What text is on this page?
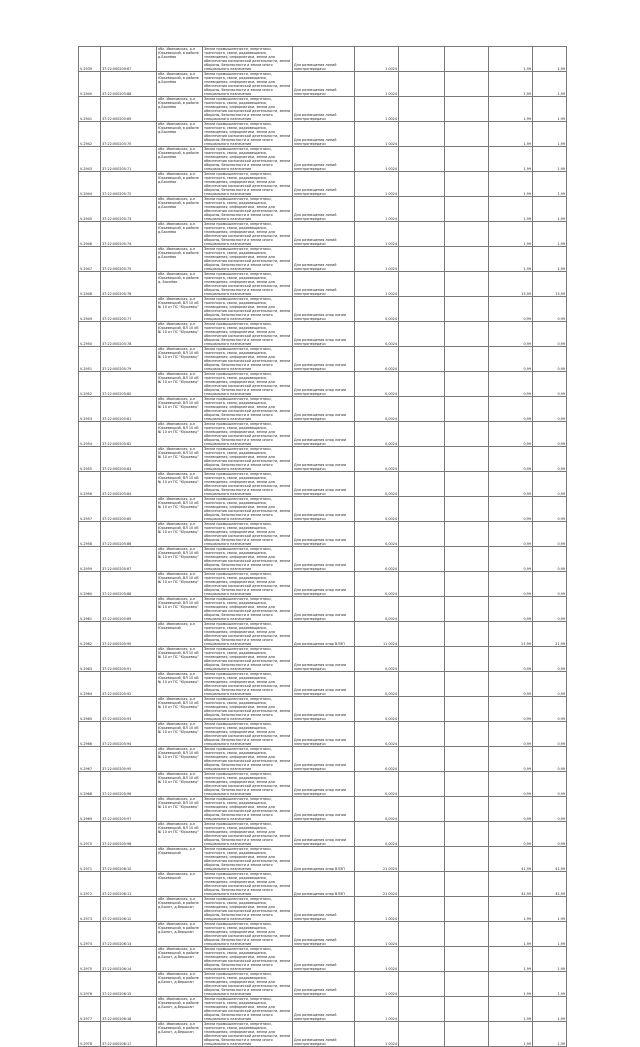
V-2939	37:22:000209:87	обл. Ивановская, р-н Юрьевецкий, в районе д.Бахнёво	Земли промышленности, энергетики, транспорта, связи, радиовещания, телевидения, информатики, земли для обеспечения космической деятельности, земли обороны, безопасности и земли иного специального назначения	Для размещения линий электропередачи	1 0024			1,99	1,99
V-2940	37:22:000205:88	обл. Ивановская, р-н Юрьевецкий, в районе д.Бахнёво	Земли промышленности, энергетики, транспорта, связи, радиовещания, телевидения, информатики, земли для обеспечения космической деятельности, земли обороны, безопасности и земли иного специального назначения	Для размещения линий электропередачи	1 0024			1,99	1,99
V-2941	37:22:000205:89	обл. Ивановская, р-н Юрьевецкий, в районе д.Бахнёво	Земли промышленности, энергетики, транспорта, связи, радиовещания, телевидения, информатики, земли для обеспечения космической деятельности, земли обороны, безопасности и земли иного специального назначения	Для размещения линий электропередачи	1 0024			1,99	1,99
V-2942	37:22:000205:70	обл. Ивановская, р-н Юрьевецкий, в районе д.Бахнёво	Земли промышленности, энергетики, транспорта, связи, радиовещания, телевидения, информатики, земли для обеспечения космической деятельности, земли обороны, безопасности и земли иного специального назначения	Для размещения линий электропередачи	1 0024			1,99	1,99
V-2943	37:22:000205:71	обл. Ивановская, р-н Юрьевецкий, в районе д.Бахнёво	Земли промышленности, энергетики, транспорта, связи, радиовещания, телевидения, информатики, земли для обеспечения космической деятельности, земли обороны, безопасности и земли иного специального назначения	Для размещения линий электропередачи	1 0024			1,99	1,99
V-2944	37:22:000205:72	обл. Ивановская, р-н Юрьевецкий, в районе д.Бахнёво	Земли промышленности, энергетики, транспорта, связи, радиовещания, телевидения, информатики, земли для обеспечения космической деятельности, земли обороны, безопасности и земли иного специального назначения	Для размещения линий электропередачи	1 0024			1,99	1,99
V-2945	37:22:000205:73	обл. Ивановская, р-н Юрьевецкий, в районе д.Бахнёво	Земли промышленности, энергетики, транспорта, связи, радиовещания, телевидения, информатики, земли для обеспечения космической деятельности, земли обороны, безопасности и земли иного специального назначения	Для размещения линий электропередачи	1 0024			1,99	1,99
V-2946	37:22:000205:74	обл. Ивановская, р-н Юрьевецкий, в районе д.Бахнёво	Земли промышленности, энергетики, транспорта, связи, радиовещания, телевидения, информатики, земли для обеспечения космической деятельности, земли обороны, безопасности и земли иного специального назначения	Для размещения линий электропередачи	1 0024			1,99	1,99
V-2947	37:22:000205:75	обл. Ивановская, р-н Юрьевецкий, в районе д.Бахнёво	Земли промышленности, энергетики, транспорта, связи, радиовещания, телевидения, информатики, земли для обеспечения космической деятельности, земли обороны, безопасности и земли иного специального назначения	Для размещения линий электропередачи	1 0024			1,99	1,99
V-2948	37:22:000205:76	обл. Ивановская, р-н Юрьевецкий, в районе д. Бахнёво	Земли промышленности, энергетики, транспорта, связи, радиовещания, телевидения, информатики, земли для обеспечения космической деятельности, земли обороны, безопасности и земли иного специального назначения	Для размещения линий электропередачи	1 0024			15,99	15,99
V-2949	37:22:000205:77	обл. Ивановская, р-н Юрьевецкий, ВЛ 10 кВ № 10 от ПС "Юрьевец"	Земли промышленности, энергетики, транспорта, связи, радиовещания, телевидения, информатики, земли для обеспечения космической деятельности, земли обороны, безопасности и земли иного специального назначения	Для размещения опор линии электропередачи	0,0024			0,99	0,99
V-2950	37:22:000205:78	обл. Ивановская, р-н Юрьевецкий, ВЛ 10 кВ № 10 от ПС "Юрьевец"	Земли промышленности, энергетики, транспорта, связи, радиовещания, телевидения, информатики, земли для обеспечения космической деятельности, земли обороны, безопасности и земли иного специального назначения	Для размещения опор линии электропередачи	0,0024			0,99	0,99
V-2951	37:22:000205:79	обл. Ивановская, р-н Юрьевецкий, ВЛ 10 кВ № 10 от ПС "Юрьевец"	Земли промышленности, энергетики, транспорта, связи, радиовещания, телевидения, информатики, земли для обеспечения космической деятельности, земли обороны, безопасности и земли иного специального назначения	Для размещения опор линии электропередачи	0,0024			0,99	0,99
V-2952	37:22:000205:80	обл. Ивановская, р-н Юрьевецкий, ВЛ 10 кВ № 10 от ПС "Юрьевец"	Земли промышленности, энергетики, транспорта, связи, радиовещания, телевидения, информатики, земли для обеспечения космической деятельности, земли обороны, безопасности и земли иного специального назначения	Для размещения опор линии электропередачи	0,0024			0,99	0,99
V-2953	37:22:000205:81	обл. Ивановская, р-н Юрьевецкий, ВЛ 10 кВ № 10 от ПС "Юрьевец"	Земли промышленности, энергетики, транспорта, связи, радиовещания, телевидения, информатики, земли для обеспечения космической деятельности, земли обороны, безопасности и земли иного специального назначения	Для размещения опор линии электропередачи	0,0024			0,99	0,99
V-2954	37:22:000205:82	обл. Ивановская, р-н Юрьевецкий, ВЛ 10 кВ № 10 от ПС "Юрьевец"	Земли промышленности, энергетики, транспорта, связи, радиовещания, телевидения, информатики, земли для обеспечения космической деятельности, земли обороны, безопасности и земли иного специального назначения	Для размещения опор линии электропередачи	0,0024			0,99	0,99
V-2955	37:22:000205:83	обл. Ивановская, р-н Юрьевецкий, ВЛ 10 кВ № 10 от ПС "Юрьевец"	Земли промышленности, энергетики, транспорта, связи, радиовещания, телевидения, информатики, земли для обеспечения космической деятельности, земли обороны, безопасности и земли иного специального назначения	Для размещения опор линии электропередачи	0,0024			0,99	0,99
V-2956	37:22:000205:84	обл. Ивановская, р-н Юрьевецкий, ВЛ 10 кВ № 10 от ПС "Юрьевец"	Земли промышленности, энергетики, транспорта, связи, радиовещания, телевидения, информатики, земли для обеспечения космической деятельности, земли обороны, безопасности и земли иного специального назначения	Для размещения опор линии электропередачи	0,0024			0,99	0,99
V-2957	37:22:000205:85	обл. Ивановская, р-н Юрьевецкий, ВЛ 10 кВ № 10 от ПС "Юрьевец"	Земли промышленности, энергетики, транспорта, связи, радиовещания, телевидения, информатики, земли для обеспечения космической деятельности, земли обороны, безопасности и земли иного специального назначения	Для размещения опор линии электропередачи	0,0024			0,99	0,99
V-2958	37:22:000205:86	обл. Ивановская, р-н Юрьевецкий, ВЛ 10 кВ № 10 от ПС "Юрьевец"	Земли промышленности, энергетики, транспорта, связи, радиовещания, телевидения, информатики, земли для обеспечения космической деятельности, земли обороны, безопасности и земли иного специального назначения	Для размещения опор линии электропередачи	0,0024			0,99	0,99
V-2959	37:22:000205:87	обл. Ивановская, р-н Юрьевецкий, ВЛ 10 кВ № 10 от ПС "Юрьевец"	Земли промышленности, энергетики, транспорта, связи, радиовещания, телевидения, информатики, земли для обеспечения космической деятельности, земли обороны, безопасности и земли иного специального назначения	Для размещения опор линии электропередачи	0,0024			0,99	0,99
V-2960	37:22:000205:88	обл. Ивановская, р-н Юрьевецкий, ВЛ 10 кВ № 10 от ПС "Юрьевец"	Земли промышленности, энергетики, транспорта, связи, радиовещания, телевидения, информатики, земли для обеспечения космической деятельности, земли обороны, безопасности и земли иного специального назначения	Для размещения опор линии электропередачи	0,0024			0,99	0,99
V-2961	37:22:000205:89	обл. Ивановская, р-н Юрьевецкий, ВЛ 10 кВ № 10 от ПС "Юрьевец"	Земли промышленности, энергетики, транспорта, связи, радиовещания, телевидения, информатики, земли для обеспечения космической деятельности, земли обороны, безопасности и земли иного специального назначения	Для размещения опор линии электропередачи	0,0024			0,99	0,99
V-2962	37:22:000205:90	обл. Ивановская, р-н Юрьевецкий	Земли промышленности, энергетики, транспорта, связи, радиовещания, телевидения, информатики, земли для обеспечения космической деятельности, земли обороны, безопасности и земли иного специального назначения	Для размещения опор ВЛЭП	11 0024			21,99	21,99
V-2963	37:22:000205:91	обл. Ивановская, р-н Юрьевецкий, ВЛ 10 кВ № 10 от ПС "Юрьевец"	Земли промышленности, энергетики, транспорта, связи, радиовещания, телевидения, информатики, земли для обеспечения космической деятельности, земли обороны, безопасности и земли иного специального назначения	Для размещения опор линии электропередачи	0,0024			0,99	0,99
V-2964	37:22:000205:92	обл. Ивановская, р-н Юрьевецкий, ВЛ 10 кВ № 10 от ПС "Юрьевец"	Земли промышленности, энергетики, транспорта, связи, радиовещания, телевидения, информатики, земли для обеспечения космической деятельности, земли обороны, безопасности и земли иного специального назначения	Для размещения опор линии электропередачи	0,0024			0,99	0,99
V-2965	37:22:000205:93	обл. Ивановская, р-н Юрьевецкий, ВЛ 10 кВ № 10 от ПС "Юрьевец"	Земли промышленности, энергетики, транспорта, связи, радиовещания, телевидения, информатики, земли для обеспечения космической деятельности, земли обороны, безопасности и земли иного специального назначения	Для размещения опор линии электропередачи	0,0024			0,99	0,99
V-2966	37:22:000205:94	обл. Ивановская, р-н Юрьевецкий, ВЛ 10 кВ № 10 от ПС "Юрьевец"	Земли промышленности, энергетики, транспорта, связи, радиовещания, телевидения, информатики, земли для обеспечения космической деятельности, земли обороны, безопасности и земли иного специального назначения	Для размещения опор линии электропередачи	0,0024			0,99	0,99
V-2967	37:22:000205:95	обл. Ивановская, р-н Юрьевецкий, ВЛ 10 кВ № 10 от ПС "Юрьевец"	Земли промышленности, энергетики, транспорта, связи, радиовещания, телевидения, информатики, земли для обеспечения космической деятельности, земли обороны, безопасности и земли иного специального назначения	Для размещения опор линии электропередачи	0,0024			0,99	0,99
V-2968	37:22:000205:96	обл. Ивановская, р-н Юрьевецкий, ВЛ 10 кВ № 10 от ПС "Юрьевец"	Земли промышленности, энергетики, транспорта, связи, радиовещания, телевидения, информатики, земли для обеспечения космической деятельности, земли обороны, безопасности и земли иного специального назначения	Для размещения опор линии электропередачи	0,0024			0,99	0,99
V-2969	37:22:000205:97	обл. Ивановская, р-н Юрьевецкий, ВЛ 10 кВ № 10 от ПС "Юрьевец"	Земли промышленности, энергетики, транспорта, связи, радиовещания, телевидения, информатики, земли для обеспечения космической деятельности, земли обороны, безопасности и земли иного специального назначения	Для размещения опор линии электропередачи	0,0024			0,99	0,99
V-2970	37:22:000205:98	обл. Ивановская, р-н Юрьевецкий, ВЛ 10 кВ № 10 от ПС "Юрьевец"	Земли промышленности, энергетики, транспорта, связи, радиовещания, телевидения, информатики, земли для обеспечения космической деятельности, земли обороны, безопасности и земли иного специального назначения	Для размещения опор линии электропередачи	0,0024			0,99	0,99
V-2971	37:22:000206:10	обл. Ивановская, р-н Юрьевецкий	Земли промышленности, энергетики, транспорта, связи, радиовещания, телевидения, информатики, земли для обеспечения космической деятельности, земли обороны, безопасности и земли иного специального назначения	Для размещения опор ВЛЭП	21 0024			41,99	41,99
V-2972	37:22:000206:11	обл. Ивановская, р-н Юрьевецкий	Земли промышленности, энергетики, транспорта, связи, радиовещания, телевидения, информатики, земли для обеспечения космической деятельности, земли обороны, безопасности и земли иного специального назначения	Для размещения опор ВЛЭП	21 0024			41,99	41,99
V-2973	37:22:000206:12	обл. Ивановская, р-н Юрьевецкий, в районе д.Болот, д.Вершкан	Земли промышленности, энергетики, транспорта, связи, радиовещания, телевидения, информатики, земли для обеспечения космической деятельности, земли обороны, безопасности и земли иного специального назначения	Для размещения линий электропередачи	1 0024			1,99	1,99
V-2974	37:22:000206:13	обл. Ивановская, р-н Юрьевецкий, в районе д.Болот, д.Вершкан	Земли промышленности, энергетики, транспорта, связи, радиовещания, телевидения, информатики, земли для обеспечения космической деятельности, земли обороны, безопасности и земли иного специального назначения	Для размещения линий электропередачи	1 0024			1,99	1,99
V-2975	37:22:000206:14	обл. Ивановская, р-н Юрьевецкий, в районе д.Болот, д.Вершкан	Земли промышленности, энергетики, транспорта, связи, радиовещания, телевидения, информатики, земли для обеспечения космической деятельности, земли обороны, безопасности и земли иного специального назначения	Для размещения линий электропередачи	1 0024			1,99	1,99
V-2976	37:22:000206:15	обл. Ивановская, р-н Юрьевецкий, в районе д.Болот, д.Вершкан	Земли промышленности, энергетики, транспорта, связи, радиовещания, телевидения, информатики, земли для обеспечения космической деятельности, земли обороны, безопасности и земли иного специального назначения	Для размещения линий электропередачи	1 0024			1,99	1,99
V-2977	37:22:000206:16	обл. Ивановская, р-н Юрьевецкий, в районе д.Болот, д.Вершкан	Земли промышленности, энергетики, транспорта, связи, радиовещания, телевидения, информатики, земли для обеспечения космической деятельности, земли обороны, безопасности и земли иного специального назначения	Для размещения линий электропередачи	1 0024			1,99	1,99
V-2978	37:22:000206:17	обл. Ивановская, р-н Юрьевецкий, в районе д.Болот, д.Вершкан	Земли промышленности, энергетики, транспорта, связи, радиовещания, телевидения, информатики, земли для обеспечения космической деятельности, земли обороны, безопасности и земли иного специального назначения	Для размещения линий электропередачи	1 0024			1,99	1,99
